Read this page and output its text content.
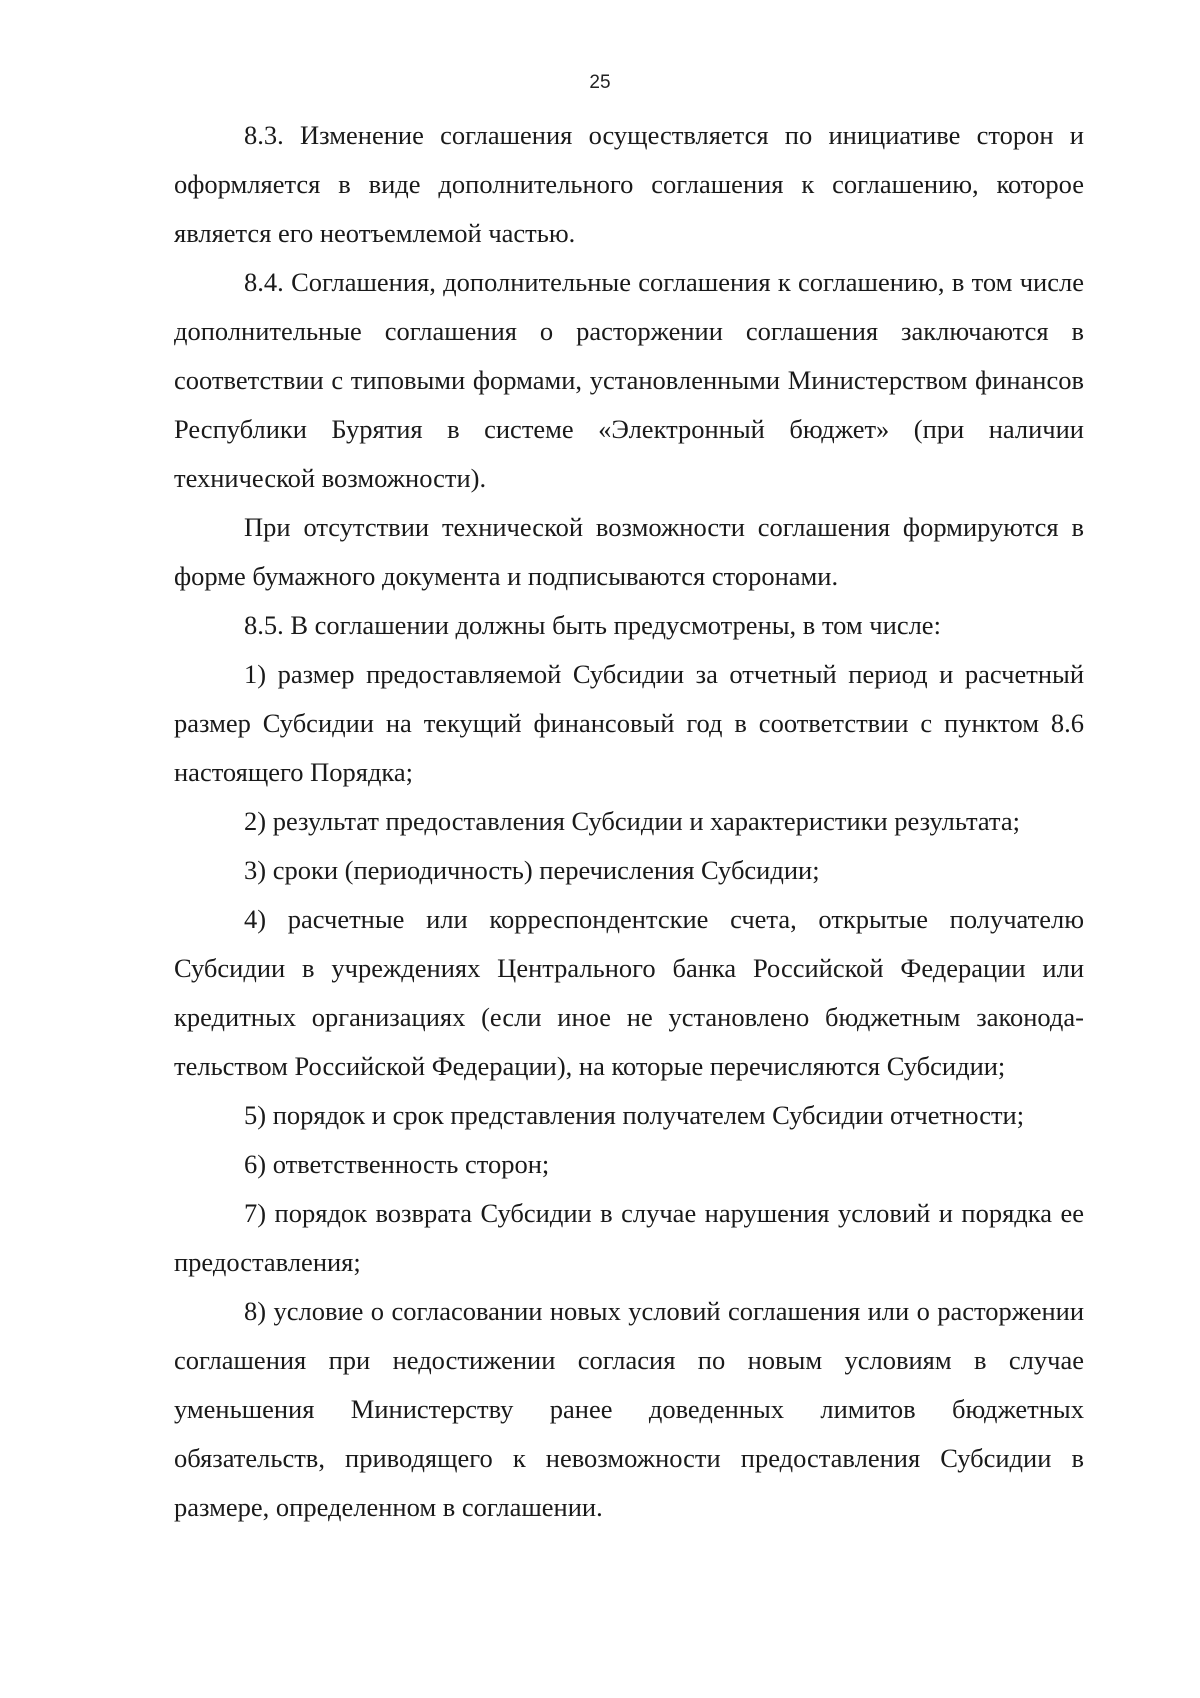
25

8.3. Изменение соглашения осуществляется по инициативе сторон и оформляется в виде дополнительного соглашения к соглашению, которое является его неотъемлемой частью.

8.4. Соглашения, дополнительные соглашения к соглашению, в том числе дополнительные соглашения о расторжении соглашения заключаются в соответствии с типовыми формами, установленными Министерством финансов Республики Бурятия в системе «Электронный бюджет» (при наличии технической возможности).

При отсутствии технической возможности соглашения формируются в форме бумажного документа и подписываются сторонами.

8.5. В соглашении должны быть предусмотрены, в том числе:

1) размер предоставляемой Субсидии за отчетный период и расчетный размер Субсидии на текущий финансовый год в соответствии с пунктом 8.6 настоящего Порядка;

2) результат предоставления Субсидии и характеристики результата;

3) сроки (периодичность) перечисления Субсидии;

4) расчетные или корреспондентские счета, открытые получателю Субсидии в учреждениях Центрального банка Российской Федерации или кредитных организациях (если иное не установлено бюджетным законодательством Российской Федерации), на которые перечисляются Субсидии;

5) порядок и срок представления получателем Субсидии отчетности;

6) ответственность сторон;

7) порядок возврата Субсидии в случае нарушения условий и порядка ее предоставления;

8) условие о согласовании новых условий соглашения или о расторжении соглашения при недостижении согласия по новым условиям в случае уменьшения Министерству ранее доведенных лимитов бюджетных обязательств, приводящего к невозможности предоставления Субсидии в размере, определенном в соглашении.
